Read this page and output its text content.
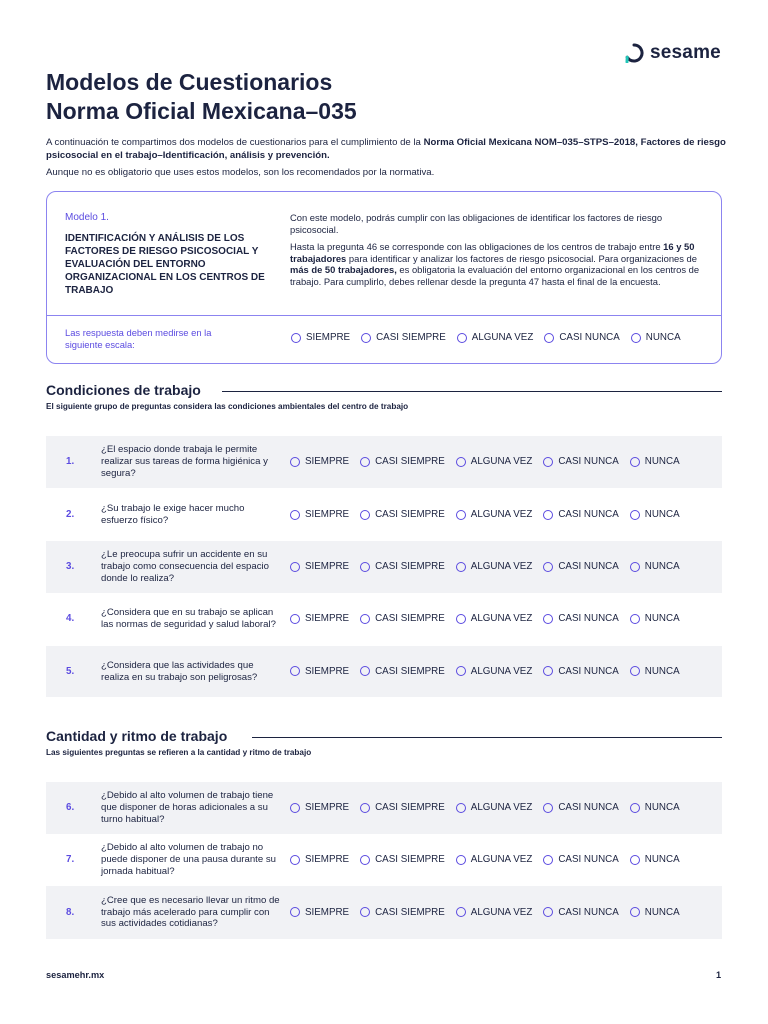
sesame
Modelos de Cuestionarios
Norma Oficial Mexicana–035
A continuación te compartimos dos modelos de cuestionarios para el cumplimiento de la Norma Oficial Mexicana NOM–035–STPS–2018, Factores de riesgo psicosocial en el trabajo–Identificación, análisis y prevención.
Aunque no es obligatorio que uses estos modelos, son los recomendados por la normativa.
Modelo 1.
IDENTIFICACIÓN Y ANÁLISIS DE LOS FACTORES DE RIESGO PSICOSOCIAL Y EVALUACIÓN DEL ENTORNO ORGANIZACIONAL EN LOS CENTROS DE TRABAJO
Con este modelo, podrás cumplir con las obligaciones de identificar los factores de riesgo psicosocial.
Hasta la pregunta 46 se corresponde con las obligaciones de los centros de trabajo entre 16 y 50 trabajadores para identificar y analizar los factores de riesgo psicosocial. Para organizaciones de más de 50 trabajadores, es obligatoria la evaluación del entorno organizacional en los centros de trabajo. Para cumplirlo, debes rellenar desde la pregunta 47 hasta el final de la encuesta.
Las respuesta deben medirse en la siguiente escala:
SIEMPRE	CASI SIEMPRE	ALGUNA VEZ	CASI NUNCA	NUNCA
Condiciones de trabajo
El siguiente grupo de preguntas considera las condiciones ambientales del centro de trabajo
Cantidad y ritmo de trabajo
Las siguientes preguntas se refieren a la cantidad y ritmo de trabajo
1.
¿El espacio donde trabaja le permite realizar sus tareas de forma higiénica y segura?
SIEMPRE	CASI SIEMPRE	ALGUNA VEZ	CASI NUNCA	NUNCA
2.
¿Su trabajo le exige hacer mucho esfuerzo físico?
SIEMPRE	CASI SIEMPRE	ALGUNA VEZ	CASI NUNCA	NUNCA
3.
¿Le preocupa sufrir un accidente en su trabajo como consecuencia del espacio donde lo realiza?
SIEMPRE	CASI SIEMPRE	ALGUNA VEZ	CASI NUNCA	NUNCA
4.
¿Considera que en su trabajo se aplican las normas de seguridad y salud laboral?
SIEMPRE	CASI SIEMPRE	ALGUNA VEZ	CASI NUNCA	NUNCA
5.
¿Considera que las actividades que realiza en su trabajo son peligrosas?
SIEMPRE	CASI SIEMPRE	ALGUNA VEZ	CASI NUNCA	NUNCA
6.
¿Debido al alto volumen de trabajo tiene que disponer de horas adicionales a su turno habitual?
SIEMPRE	CASI SIEMPRE	ALGUNA VEZ	CASI NUNCA	NUNCA
7.
¿Debido al alto volumen de trabajo no puede disponer de una pausa durante su jornada habitual?
SIEMPRE	CASI SIEMPRE	ALGUNA VEZ	CASI NUNCA	NUNCA
8.
¿Cree que es necesario llevar un ritmo de trabajo más acelerado para cumplir con sus actividades cotidianas?
SIEMPRE	CASI SIEMPRE	ALGUNA VEZ	CASI NUNCA	NUNCA
sesamehr.mx	1
